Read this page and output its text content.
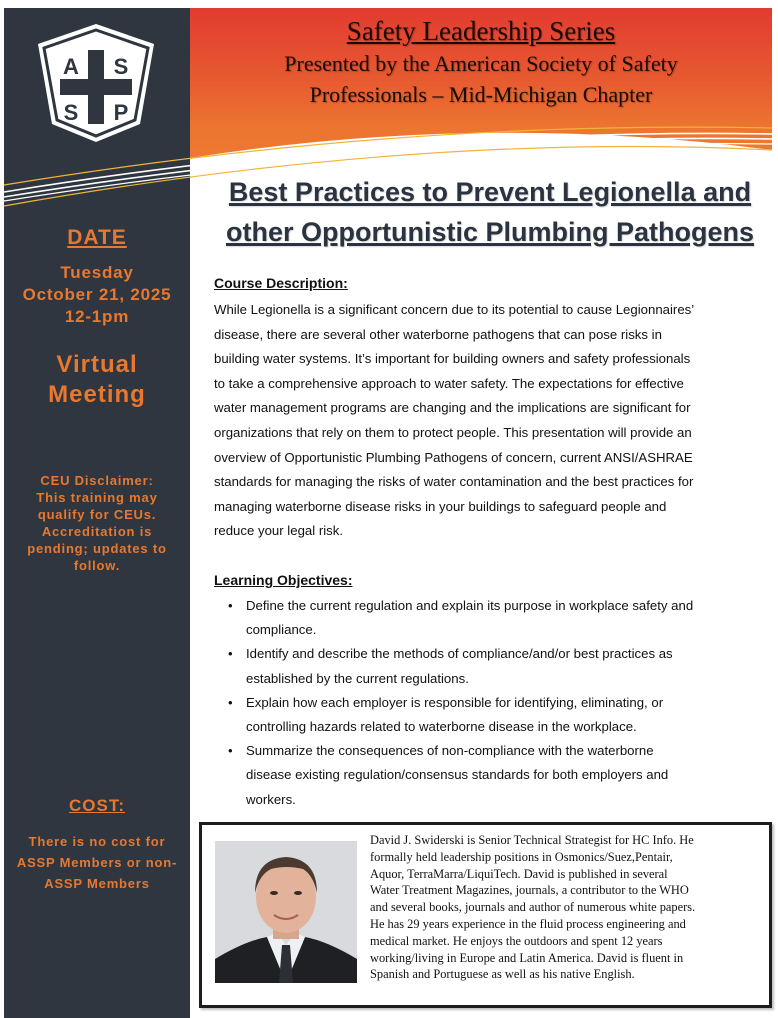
A S
S P
Safety Leadership Series
Presented by the American Society of Safety
Professionals – Mid-Michigan Chapter
Best Practices to Prevent Legionella and
other Opportunistic Plumbing Pathogens
DATE
Tuesday
October 21, 2025
12-1pm
Virtual
Meeting
CEU Disclaimer:
This training may
qualify for CEUs.
Accreditation is
pending; updates to
follow.
COST:
There is no cost for
ASSP Members or non-
ASSP Members
Course Description:
While Legionella is a significant concern due to its potential to cause Legionnaires’
disease, there are several other waterborne pathogens that can pose risks in
building water systems. It’s important for building owners and safety professionals
to take a comprehensive approach to water safety. The expectations for effective
water management programs are changing and the implications are significant for
organizations that rely on them to protect people. This presentation will provide an
overview of Opportunistic Plumbing Pathogens of concern, current ANSI/ASHRAE
standards for managing the risks of water contamination and the best practices for
managing waterborne disease risks in your buildings to safeguard people and
reduce your legal risk.
Learning Objectives:
• Define the current regulation and explain its purpose in workplace safety and
compliance.
• Identify and describe the methods of compliance/and/or best practices as
established by the current regulations.
• Explain how each employer is responsible for identifying, eliminating, or
controlling hazards related to waterborne disease in the workplace.
• Summarize the consequences of non-compliance with the waterborne
disease existing regulation/consensus standards for both employers and
workers.
David J. Swiderski is Senior Technical Strategist for HC Info. He
formally held leadership positions in Osmonics/Suez,Pentair,
Aquor, TerraMarra/LiquiTech. David is published in several
Water Treatment Magazines, journals, a contributor to the WHO
and several books, journals and author of numerous white papers.
He has 29 years experience in the fluid process engineering and
medical market. He enjoys the outdoors and spent 12 years
working/living in Europe and Latin America. David is fluent in
Spanish and Portuguese as well as his native English.
